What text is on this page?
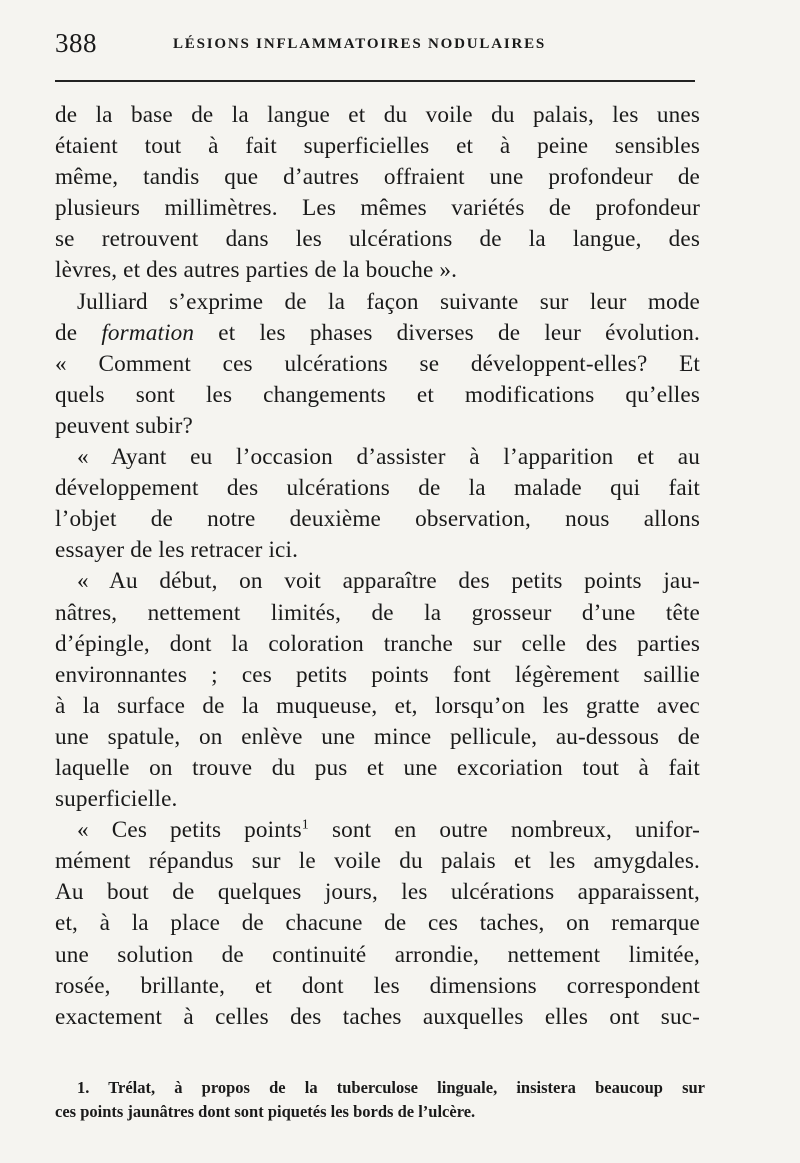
388	LÉSIONS INFLAMMATOIRES NODULAIRES
de la base de la langue et du voile du palais, les unes
étaient tout à fait superficielles et à peine sensibles
même, tandis que d’autres offraient une profondeur de
plusieurs millimètres. Les mêmes variétés de profondeur
se retrouvent dans les ulcérations de la langue, des
lèvres, et des autres parties de la bouche ».
Julliard s’exprime de la façon suivante sur leur mode
de formation et les phases diverses de leur évolution.
« Comment ces ulcérations se développent-elles? Et
quels sont les changements et modifications qu’elles
peuvent subir?
« Ayant eu l’occasion d’assister à l’apparition et au
développement des ulcérations de la malade qui fait
l’objet de notre deuxième observation, nous allons
essayer de les retracer ici.
« Au début, on voit apparaître des petits points jau-
nâtres, nettement limités, de la grosseur d’une tête
d’épingle, dont la coloration tranche sur celle des parties
environnantes ; ces petits points font légèrement saillie
à la surface de la muqueuse, et, lorsqu’on les gratte avec
une spatule, on enlève une mince pellicule, au-dessous de
laquelle on trouve du pus et une excoriation tout à fait
superficielle.
« Ces petits points$^1$ sont en outre nombreux, unifor-
mément répandus sur le voile du palais et les amygdales.
Au bout de quelques jours, les ulcérations apparaissent,
et, à la place de chacune de ces taches, on remarque
une solution de continuité arrondie, nettement limitée,
rosée, brillante, et dont les dimensions correspondent
exactement à celles des taches auxquelles elles ont suc-
1. Trélat, à propos de la tuberculose linguale, insistera beaucoup sur
ces points jaunâtres dont sont piquetés les bords de l’ulcère.
